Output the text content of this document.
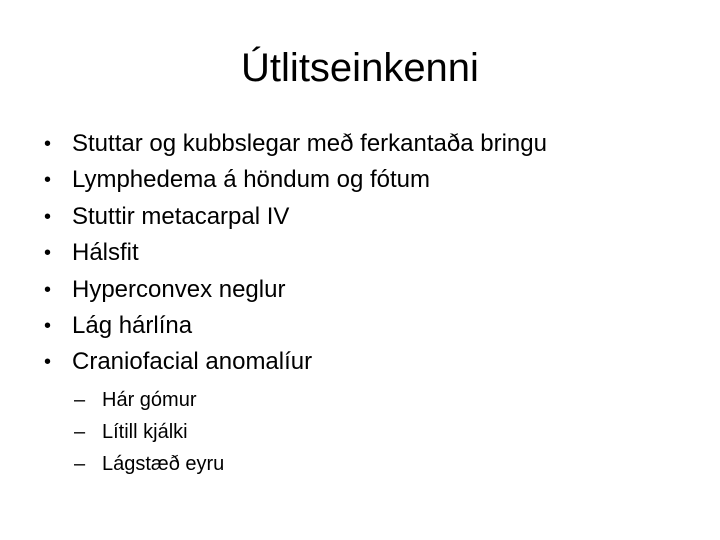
Útlitseinkenni
• Stuttar og kubbslegar með ferkantaða bringu
• Lymphedema á höndum og fótum
• Stuttir metacarpal IV
• Hálsfit
• Hyperconvex neglur
• Lág hárlína
• Craniofacial anomalíur
– Hár gómur
– Lítill kjálki
– Lágstæð eyru
